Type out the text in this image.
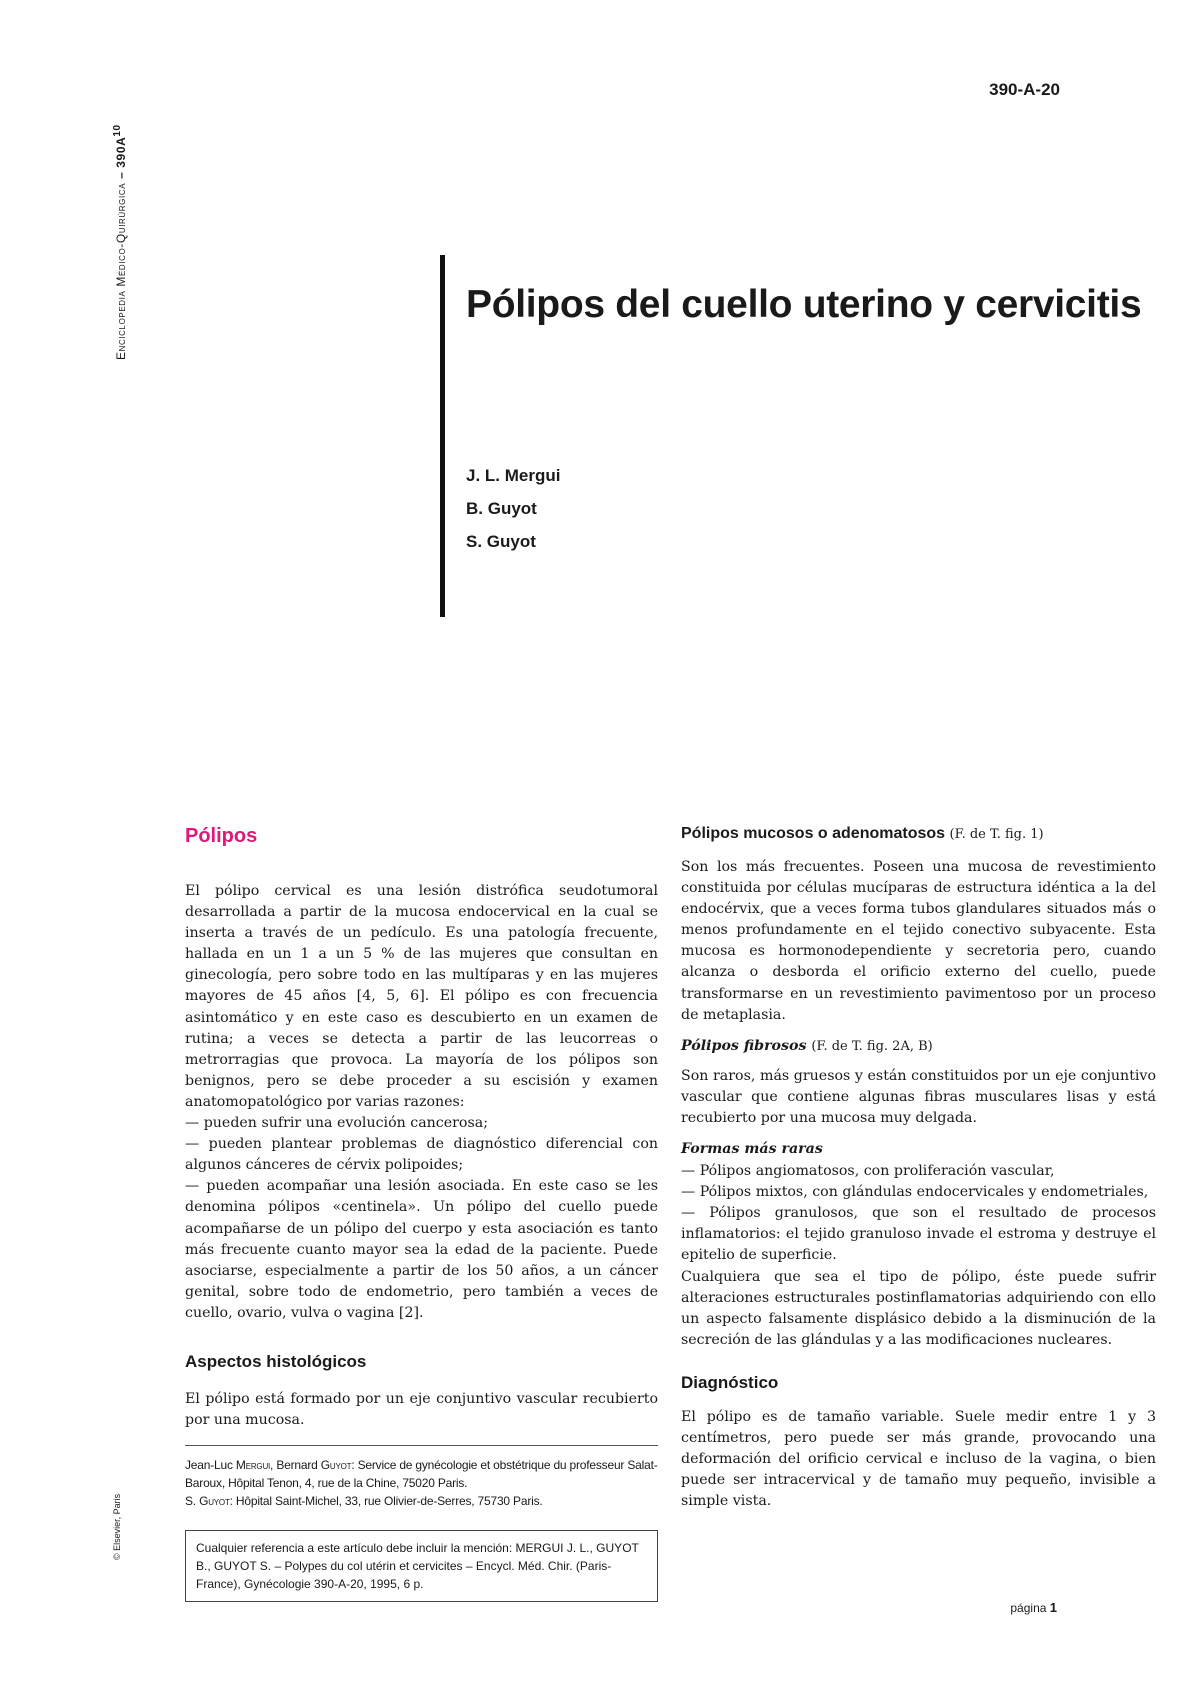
Enciclopedia Médico-Quirúrgica – $390A^{10}$
© Elsevier, Paris
390-A-20
Pólipos del cuello uterino y cervicitis
J. L. Mergui
B. Guyot
S. Guyot
Pólipos

El pólipo cervical es una lesión distrófica seudotumoral desarrollada a partir de la mucosa endocervical en la cual se inserta a través de un pedículo. Es una patología frecuente, hallada en un 1 a un 5 % de las mujeres que consultan en ginecología, pero sobre todo en las multíparas y en las mujeres mayores de 45 años [4, 5, 6]. El pólipo es con frecuencia asintomático y en este caso es descubierto en un examen de rutina; a veces se detecta a partir de las leucorreas o metrorragias que provoca. La mayoría de los pólipos son benignos, pero se debe proceder a su escisión y examen anatomopatológico por varias razones:

— pueden sufrir una evolución cancerosa;

— pueden plantear problemas de diagnóstico diferencial con algunos cánceres de cérvix polipoides;

— pueden acompañar una lesión asociada. En este caso se les denomina pólipos «centinela». Un pólipo del cuello puede acompañarse de un pólipo del cuerpo y esta asociación es tanto más frecuente cuanto mayor sea la edad de la paciente. Puede asociarse, especialmente a partir de los 50 años, a un cáncer genital, sobre todo de endometrio, pero también a veces de cuello, ovario, vulva o vagina [2].

Aspectos histológicos

El pólipo está formado por un eje conjuntivo vascular recubierto por una mucosa.

Jean-Luc Mergui, Bernard Guyot: Service de gynécologie et obstétrique du professeur Salat-Baroux, Hôpital Tenon, 4, rue de la Chine, 75020 Paris.
S. Guyot: Hôpital Saint-Michel, 33, rue Olivier-de-Serres, 75730 Paris.
Cualquier referencia a este artículo debe incluir la mención: MERGUI J. L., GUYOT B., GUYOT S. – Polypes du col utérin et cervicites – Encycl. Méd. Chir. (Paris-France), Gynécologie 390-A-20, 1995, 6 p.
Pólipos mucosos o adenomatosos (F. de T. fig. 1)

Son los más frecuentes. Poseen una mucosa de revestimiento constituida por células mucíparas de estructura idéntica a la del endocérvix, que a veces forma tubos glandulares situados más o menos profundamente en el tejido conectivo subyacente. Esta mucosa es hormonodependiente y secretoria pero, cuando alcanza o desborda el orificio externo del cuello, puede transformarse en un revestimiento pavimentoso por un proceso de metaplasia.

Pólipos fibrosos (F. de T. fig. 2A, B)

Son raros, más gruesos y están constituidos por un eje conjuntivo vascular que contiene algunas fibras musculares lisas y está recubierto por una mucosa muy delgada.

Formas más raras

— Pólipos angiomatosos, con proliferación vascular,

— Pólipos mixtos, con glándulas endocervicales y endometriales,

— Pólipos granulosos, que son el resultado de procesos inflamatorios: el tejido granuloso invade el estroma y destruye el epitelio de superficie.

Cualquiera que sea el tipo de pólipo, éste puede sufrir alteraciones estructurales postinflamatorias adquiriendo con ello un aspecto falsamente displásico debido a la disminución de la secreción de las glándulas y a las modificaciones nucleares.

Diagnóstico

El pólipo es de tamaño variable. Suele medir entre 1 y 3 centímetros, pero puede ser más grande, provocando una deformación del orificio cervical e incluso de la vagina, o bien puede ser intracervical y de tamaño muy pequeño, invisible a simple vista.

página 1
